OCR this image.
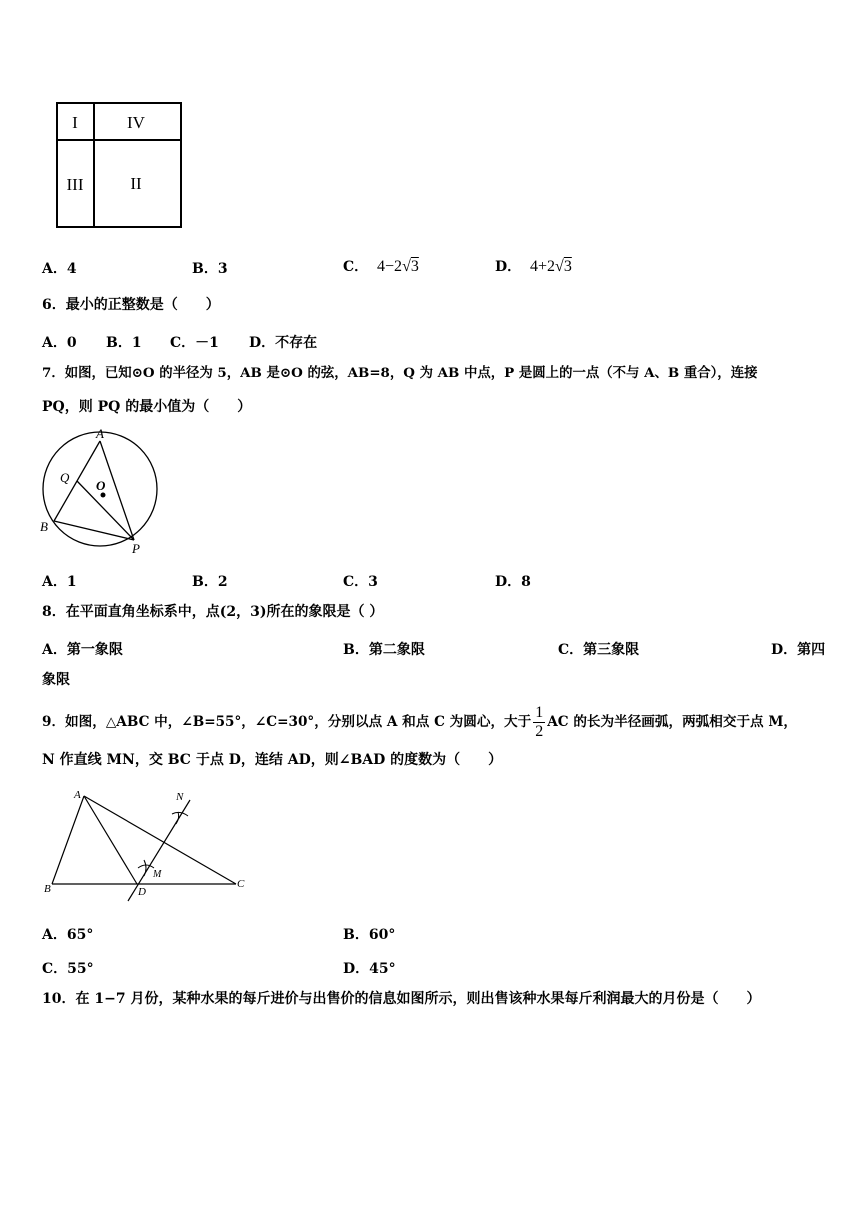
I	IV
III	II
A．4	B．3	C． 4−2√3	D． 4+2√3
6．最小的正整数是（　　）
A．0 B．1 C．－1 D．不存在
7．如图，已知⊙O 的半径为 5，AB 是⊙O 的弦，AB=8，Q 为 AB 中点，P 是圆上的一点（不与 A、B 重合），连接
PQ，则 PQ 的最小值为（　　）
A
Q
O
B
P
A．1	B．2	C．3	D．8
8．在平面直角坐标系中，点(2，3)所在的象限是（ ）
A．第一象限	B．第二象限	C．第三象限	D．第四
象限
9．如图，△ABC 中，∠B=55°，∠C=30°，分别以点 A 和点 C 为圆心，大于 $\frac{1}{2}$ AC 的长为半径画弧，两弧相交于点 M，
N 作直线 MN，交 BC 于点 D，连结 AD，则∠BAD 的度数为（　　）
A	N
M
B	D
C
A．65°	B．60°
C．55°	D．45°
10．在 1−7 月份，某种水果的每斤进价与出售价的信息如图所示，则出售该种水果每斤利润最大的月份是（　　）
